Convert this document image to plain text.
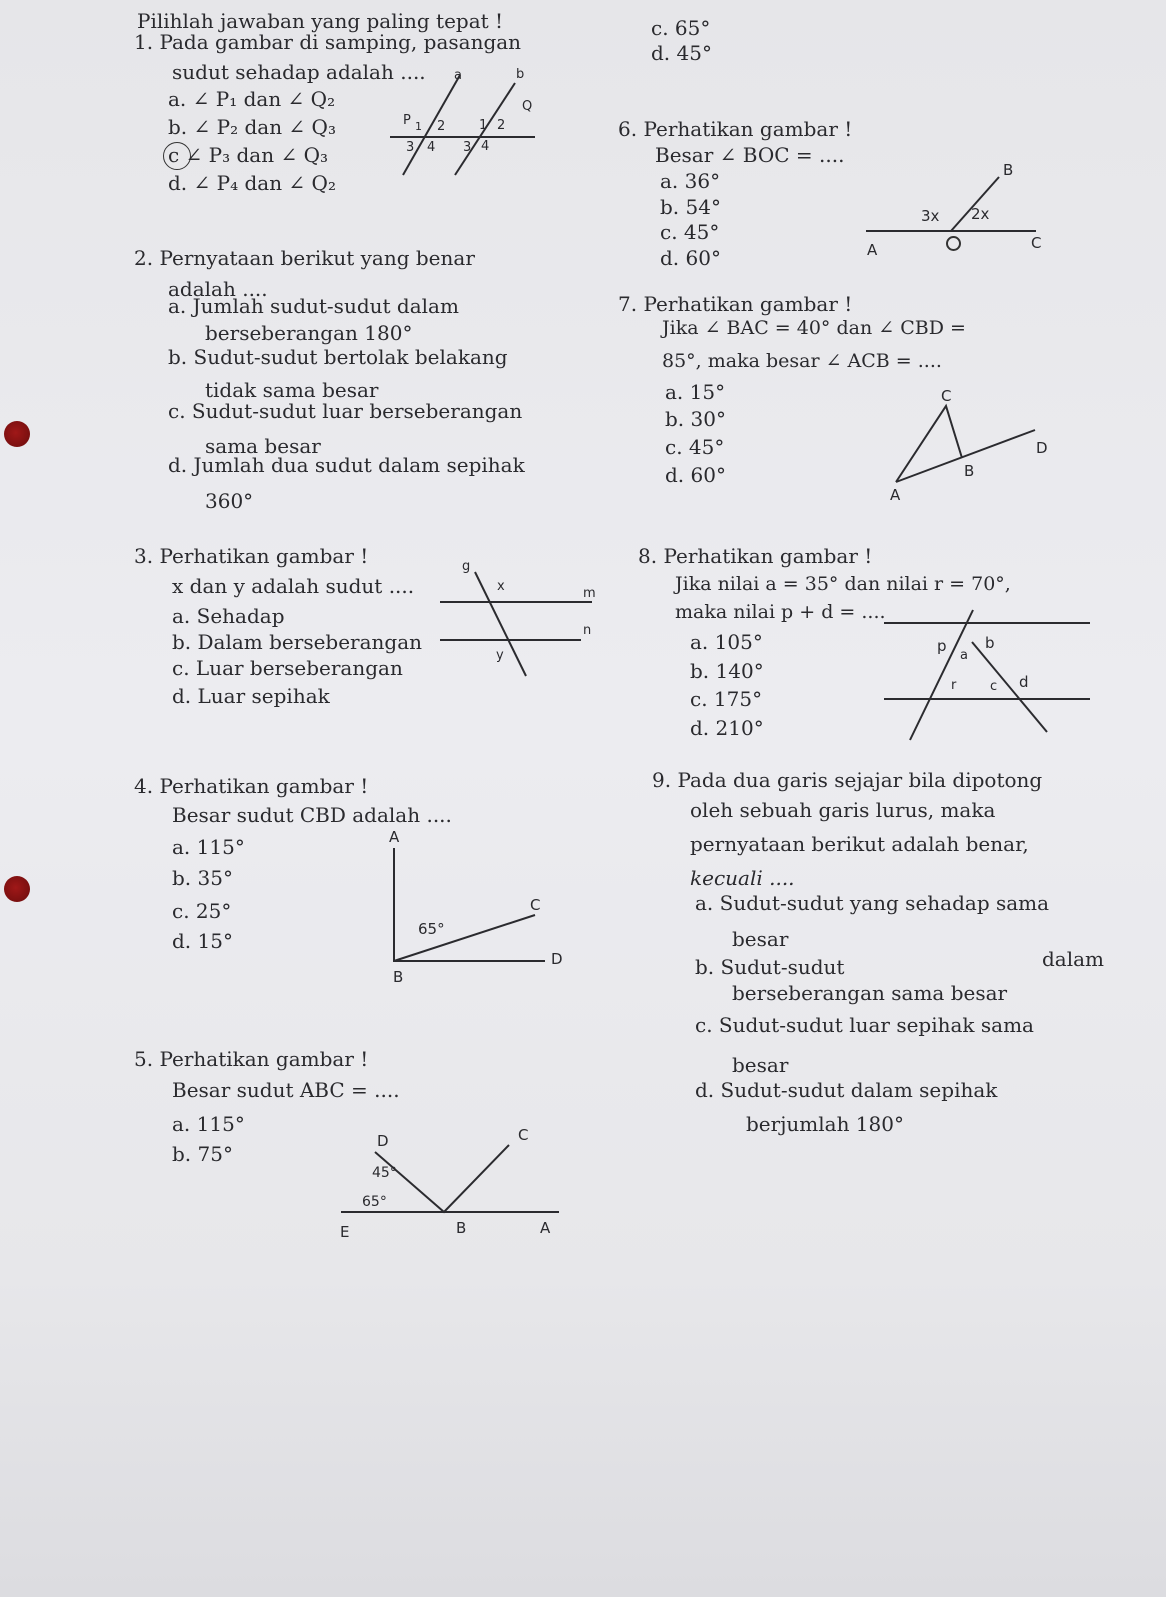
Pilihlah jawaban yang paling tepat !
1. Pada gambar di samping, pasangan
sudut sehadap adalah ....
a. ∠ P₁ dan ∠ Q₂
b. ∠ P₂ dan ∠ Q₃
c ∠ P₃ dan ∠ Q₃
d. ∠ P₄ dan ∠ Q₂
a	b
P
Q
1 2
3 4
1 2
3 4
c. 65°
d. 45°
2. Pernyataan berikut yang benar
adalah ....
a. Jumlah sudut-sudut dalam
berseberangan 180°
b. Sudut-sudut bertolak belakang
tidak sama besar
c. Sudut-sudut luar berseberangan
sama besar
d. Jumlah dua sudut dalam sepihak
360°
6. Perhatikan gambar !
Besar ∠ BOC = ....
a. 36°
b. 54°
c. 45°
d. 60°
B
3x 2x
A	C
7. Perhatikan gambar !
Jika ∠ BAC = 40° dan ∠ CBD =
85°, maka besar ∠ ACB = ....
a. 15°
b. 30°
c. 45°
d. 60°
C
D
B
A
3. Perhatikan gambar !
x dan y adalah sudut ....
a. Sehadap
b. Dalam berseberangan
c. Luar berseberangan
d. Luar sepihak
g
x	m
n
y
8. Perhatikan gambar !
Jika nilai a = 35° dan nilai r = 70°,
maka nilai p + d = ....
a. 105°
b. 140°
c. 175°
d. 210°
p
a
b
r	c d
4. Perhatikan gambar !
Besar sudut CBD adalah ....
a. 115°
b. 35°
c. 25°
d. 15°
A
C
65°
D
B
9. Pada dua garis sejajar bila dipotong
oleh sebuah garis lurus, maka
pernyataan berikut adalah benar,
kecuali ....
a. Sudut-sudut yang sehadap sama
besar
b. Sudut-sudut	dalam
berseberangan sama besar
c. Sudut-sudut luar sepihak sama
besar
d. Sudut-sudut dalam sepihak
berjumlah 180°
5. Perhatikan gambar !
Besar sudut ABC = ....
a. 115°
b. 75°
D	C
45°
65°
E	B	A
